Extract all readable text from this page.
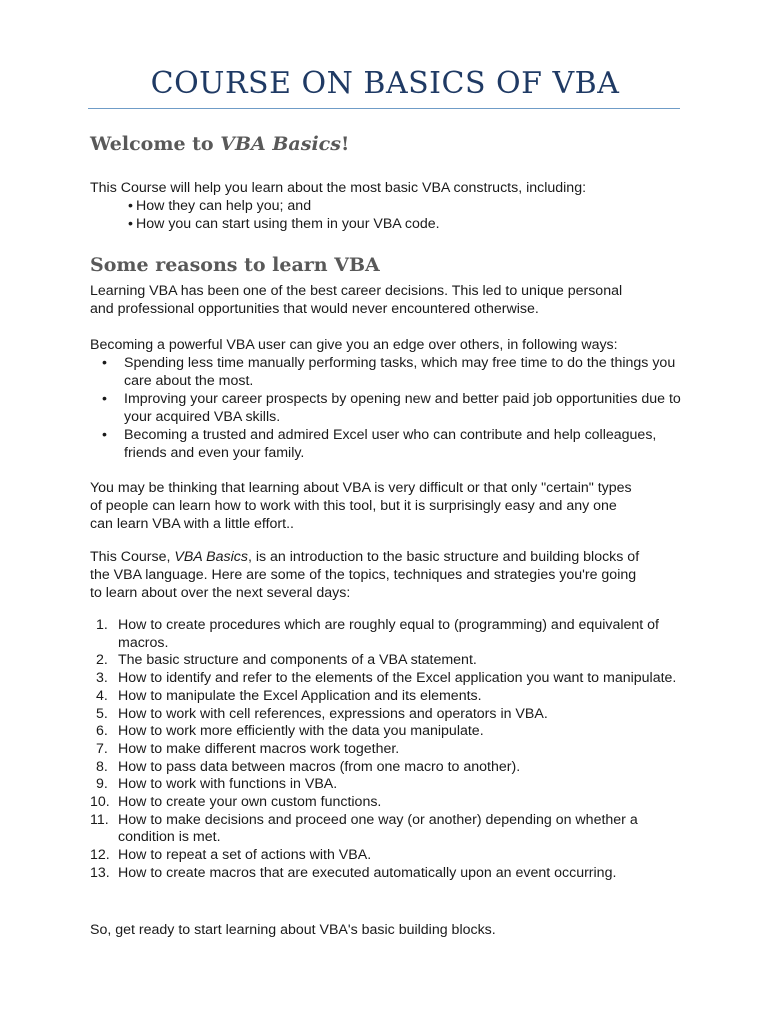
COURSE ON BASICS OF VBA
Welcome to VBA Basics!

This Course will help you learn about the most basic VBA constructs, including:

• How they can help you; and
• How you can start using them in your VBA code.
Some reasons to learn VBA

Learning VBA has been one of the best career decisions. This led to unique personal
and professional opportunities that would never encountered otherwise.

Becoming a powerful VBA user can give you an edge over others, in following ways:

• Spending less time manually performing tasks, which may free time to do the things you care about the most.
• Improving your career prospects by opening new and better paid job opportunities due to your acquired VBA skills.
• Becoming a trusted and admired Excel user who can contribute and help colleagues, friends and even your family.

You may be thinking that learning about VBA is very difficult or that only "certain" types
of people can learn how to work with this tool, but it is surprisingly easy and any one
can learn VBA with a little effort..

This Course, VBA Basics, is an introduction to the basic structure and building blocks of
the VBA language. Here are some of the topics, techniques and strategies you're going
to learn about over the next several days:

1. How to create procedures which are roughly equal to (programming) and equivalent of macros.
2. The basic structure and components of a VBA statement.
3. How to identify and refer to the elements of the Excel application you want to manipulate.
4. How to manipulate the Excel Application and its elements.
5. How to work with cell references, expressions and operators in VBA.
6. How to work more efficiently with the data you manipulate.
7. How to make different macros work together.
8. How to pass data between macros (from one macro to another).
9. How to work with functions in VBA.
10. How to create your own custom functions.
11. How to make decisions and proceed one way (or another) depending on whether a condition is met.
12. How to repeat a set of actions with VBA.
13. How to create macros that are executed automatically upon an event occurring.

So, get ready to start learning about VBA's basic building blocks.
